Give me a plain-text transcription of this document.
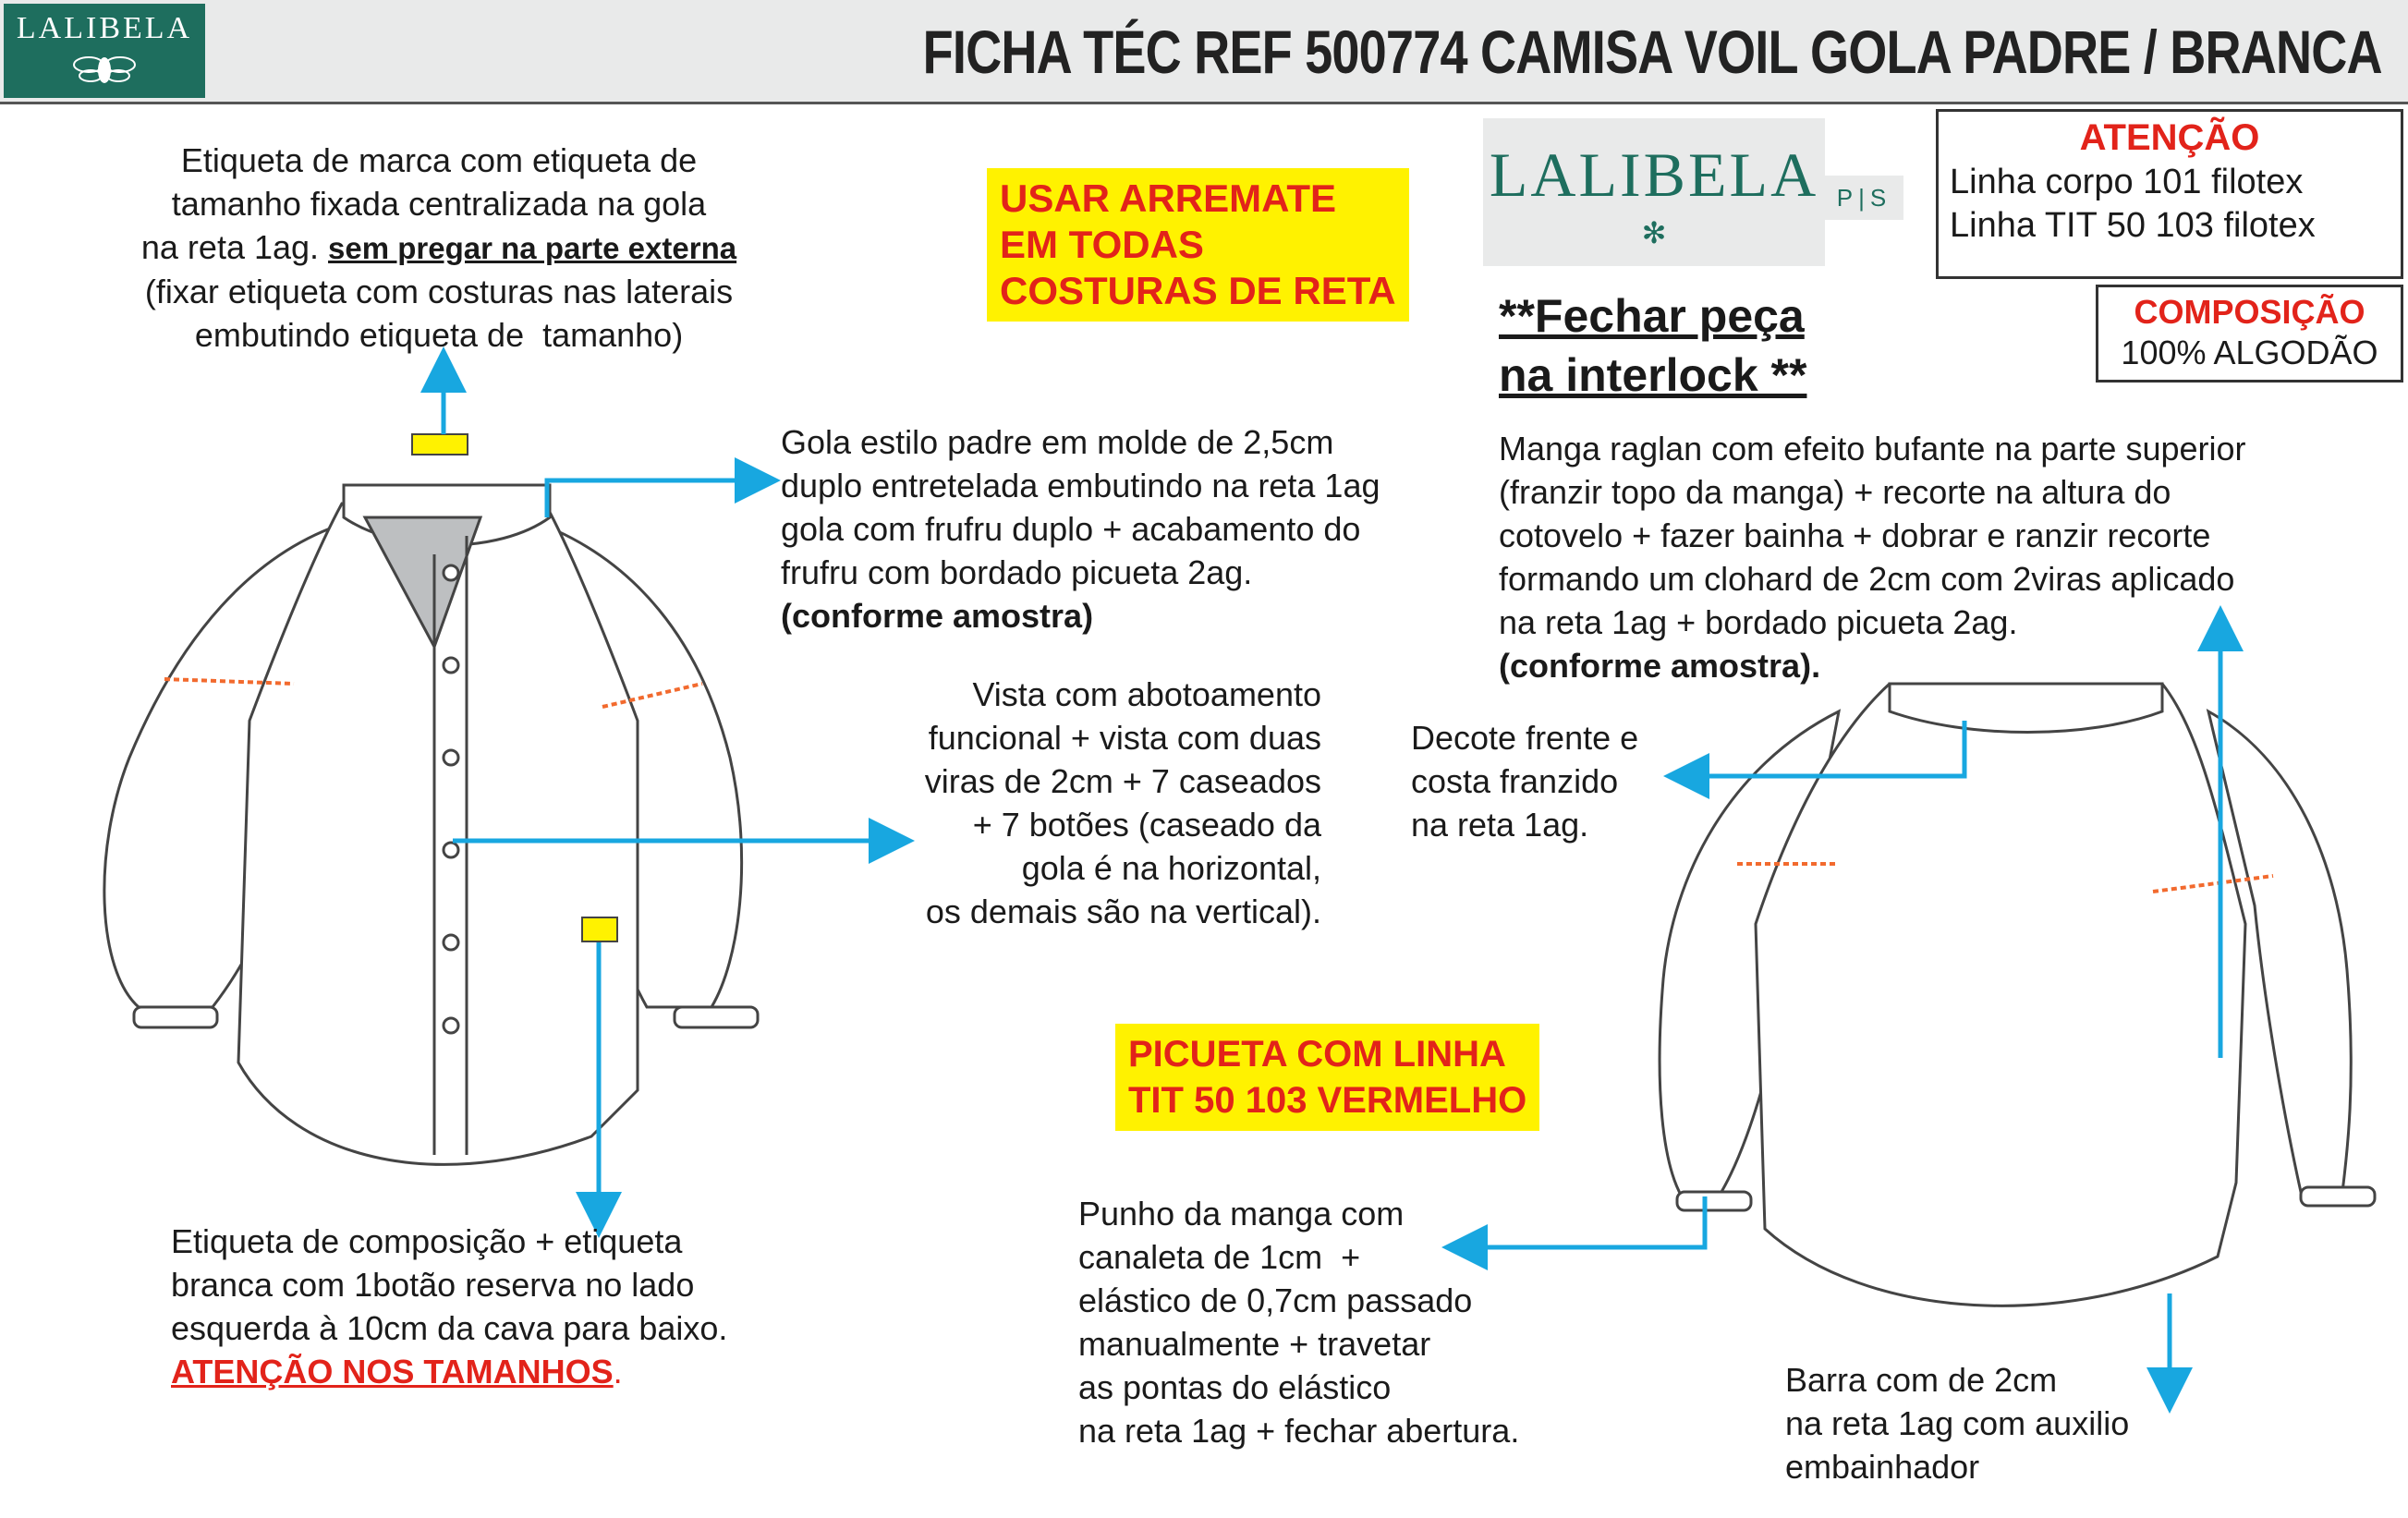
LALIBELA	FICHA TÉC REF 500774 CAMISA VOIL GOLA PADRE / BRANCA
Etiqueta de marca com etiqueta de
tamanho fixada centralizada na gola
na reta 1ag. sem pregar na parte externa
(fixar etiqueta com costuras nas laterais
embutindo etiqueta de  tamanho)
USAR ARREMATE
EM TODAS
COSTURAS DE RETA
LALIBELA
✻
P|S
ATENÇÃO
Linha corpo 101 filotex
Linha TIT 50 103 filotex
COMPOSIÇÃO
100% ALGODÃO
**Fechar peça
na interlock **
Gola estilo padre em molde de 2,5cm
duplo entretelada embutindo na reta 1ag
gola com frufru duplo + acabamento do
frufru com bordado picueta 2ag.
(conforme amostra)
Vista com abotoamento
funcional + vista com duas
viras de 2cm + 7 caseados
+ 7 botões (caseado da
gola é na horizontal,
os demais são na vertical).
Manga raglan com efeito bufante na parte superior
(franzir topo da manga) + recorte na altura do
cotovelo + fazer bainha + dobrar e ranzir recorte
formando um clohard de 2cm com 2viras aplicado
na reta 1ag + bordado picueta 2ag.
(conforme amostra).
Decote frente e
costa franzido
na reta 1ag.
PICUETA COM LINHA
TIT 50 103 VERMELHO
Etiqueta de composição + etiqueta
branca com 1botão reserva no lado
esquerda à 10cm da cava para baixo.
ATENÇÃO NOS TAMANHOS.
Punho da manga com
canaleta de 1cm  +
elástico de 0,7cm passado
manualmente + travetar
as pontas do elástico
na reta 1ag + fechar abertura.
Barra com de 2cm
na reta 1ag com auxilio
embainhador
